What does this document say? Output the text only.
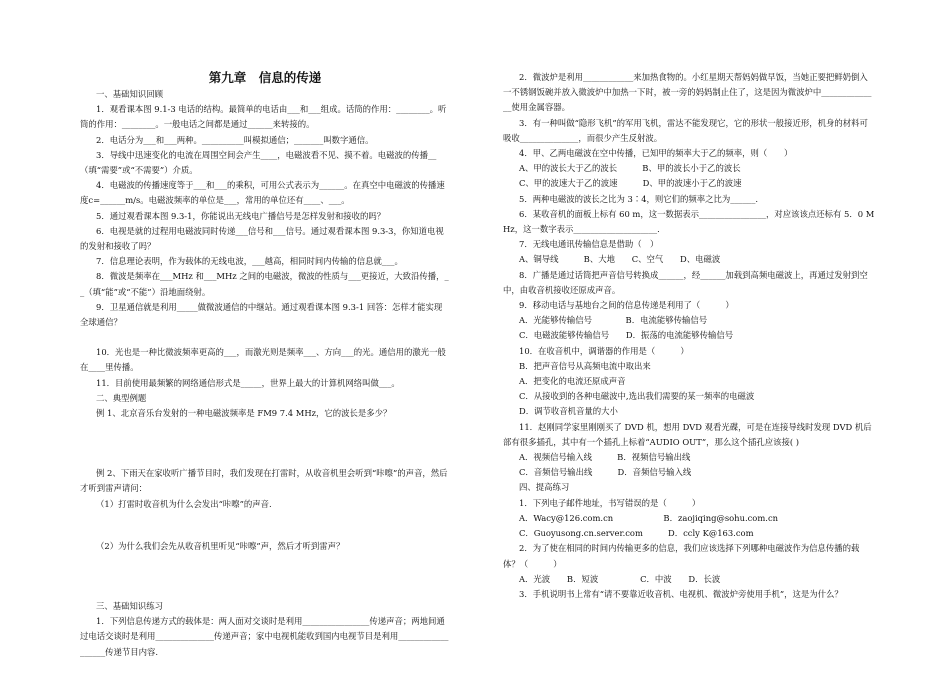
第九章　信息的传递
一、基础知识回顾
1．观看课本图 9.1-3 电话的结构。最简单的电话由___和___组成。话筒的作用：________。听筒的作用：________。一般电话之间都是通过______来转接的。
2．电话分为___和___两种。__________叫模拟通信；_______叫数字通信。
3．导线中迅速变化的电流在周围空间会产生____，电磁波看不见、摸不着。电磁波的传播__（填“需要”或“不需要”）介质。
4．电磁波的传播速度等于___和___的乘积，可用公式表示为______。在真空中电磁波的传播速度c=______m/s。电磁波频率的单位是___，常用的单位还有____、___。
5．通过观看课本图 9.3-1，你能说出无线电广播信号是怎样发射和接收的吗？
6．电视是就的过程用电磁波同时传递___信号和___信号。通过观看课本图 9.3-3，你知道电视的发射和接收了吗？
7．信息理论表明，作为载体的无线电波，___越高，相同时间内传输的信息就___。
8．微波是频率在___MHz 和___MHz 之间的电磁波，微波的性质与___更接近，大致沿传播，__（填“能”或“不能”）沿地面绕射。
9．卫星通信就是利用_____做微波通信的中继站。通过观看课本图 9.3-1 回答：怎样才能实现全球通信？
10．光也是一种比微波频率更高的___，而激光则是频率___、方向___的光。通信用的激光一般在____里传播。
11．目前使用最频繁的网络通信形式是_____，世界上最大的计算机网络叫做___。
二、典型例题
例 1、北京音乐台发射的一种电磁波频率是 FM9 7.4 MHz，它的波长是多少？
例 2、下雨天在家收听广播节目时，我们发现在打雷时，从收音机里会听到“咔嚓”的声音，然后才听到雷声请问：
（1）打雷时收音机为什么会发出“咔嚓”的声音.
（2）为什么我们会先从收音机里听见“咔嚓”声，然后才听到雷声？
三、基础知识练习
1．下列信息传递方式的载体是：两人面对交谈时是利用________________传递声音；两地间通过电话交谈时是利用______________传递声音；家中电视机能收到国内电视节目是利用__________________传递节目内容.
2．微波炉是利用____________来加热食物的。小红星期天帮妈妈做早饭，当她正要把鲜奶倒入一不锈钢饭碗并放入微波炉中加热一下时，被一旁的妈妈制止住了，这是因为微波炉中______________使用金属容器。
3．有一种叫做“隐形飞机”的军用飞机，雷达不能发现它，它的形状一般接近形，机身的材料可吸收______________，而很少产生反射波。
4．甲、乙两电磁波在空中传播，已知甲的频率大于乙的频率，则（　　）
A、甲的波长大于乙的波长　　　B、甲的波长小于乙的波长
C、甲的波速大于乙的波速　　　D、甲的波速小于乙的波速
5．两种电磁波的波长之比为 3∶4，则它们的频率之比为______.
6．某收音机的面板上标有 60 m，这一数据表示________________，对应该该点还标有 5．0 MHz，这一数字表示____________________．
7．无线电通讯传输信息是借助（　）
A、铜导线　　　B、大地　　C、空气　　D、电磁波
8．广播是通过话筒把声音信号转换成______，经______加载到高频电磁波上，再通过发射到空中，由收音机接收还原成声音。
9．移动电话与基地台之间的信息传递是利用了（　　　）
A．光能够传输信号　　　　B．电流能够传输信号
C．电磁波能够传输信号　　D．振荡的电流能够传输信号
10．在收音机中，调谐器的作用是（　　　）
B．把声音信号从高频电流中取出来
A．把变化的电流还原成声音
C．从接收到的各种电磁波中,选出我们需要的某一频率的电磁波
D．调节收音机音量的大小
11．赵刚同学家里刚刚买了 DVD 机，想用 DVD 观看光碟，可是在连接导线时发现 DVD 机后部有很多插孔，其中有一个插孔上标着“AUDIO OUT”，那么这个插孔应该接( )
A．视频信号输入线　　　B．视频信号输出线
C．音频信号输出线　　　D．音频信号输入线
四、提高练习
1．下列电子邮件地址，书写错误的是（　　　）
A．Wacy@126.com.cn　　　　　　B．zaojiqing@sohu.com.cn
C．Guoyusong.cn.server.com　　　D．ccly K@163.com
2．为了使在相同的时间内传输更多的信息，我们应该选择下列哪种电磁波作为信息传播的载体？（　　　）
A．光波　　B．短波　　　　　C．中波　　D．长波
3．手机说明书上常有“请不要靠近收音机、电视机、微波炉旁使用手机”，这是为什么？
